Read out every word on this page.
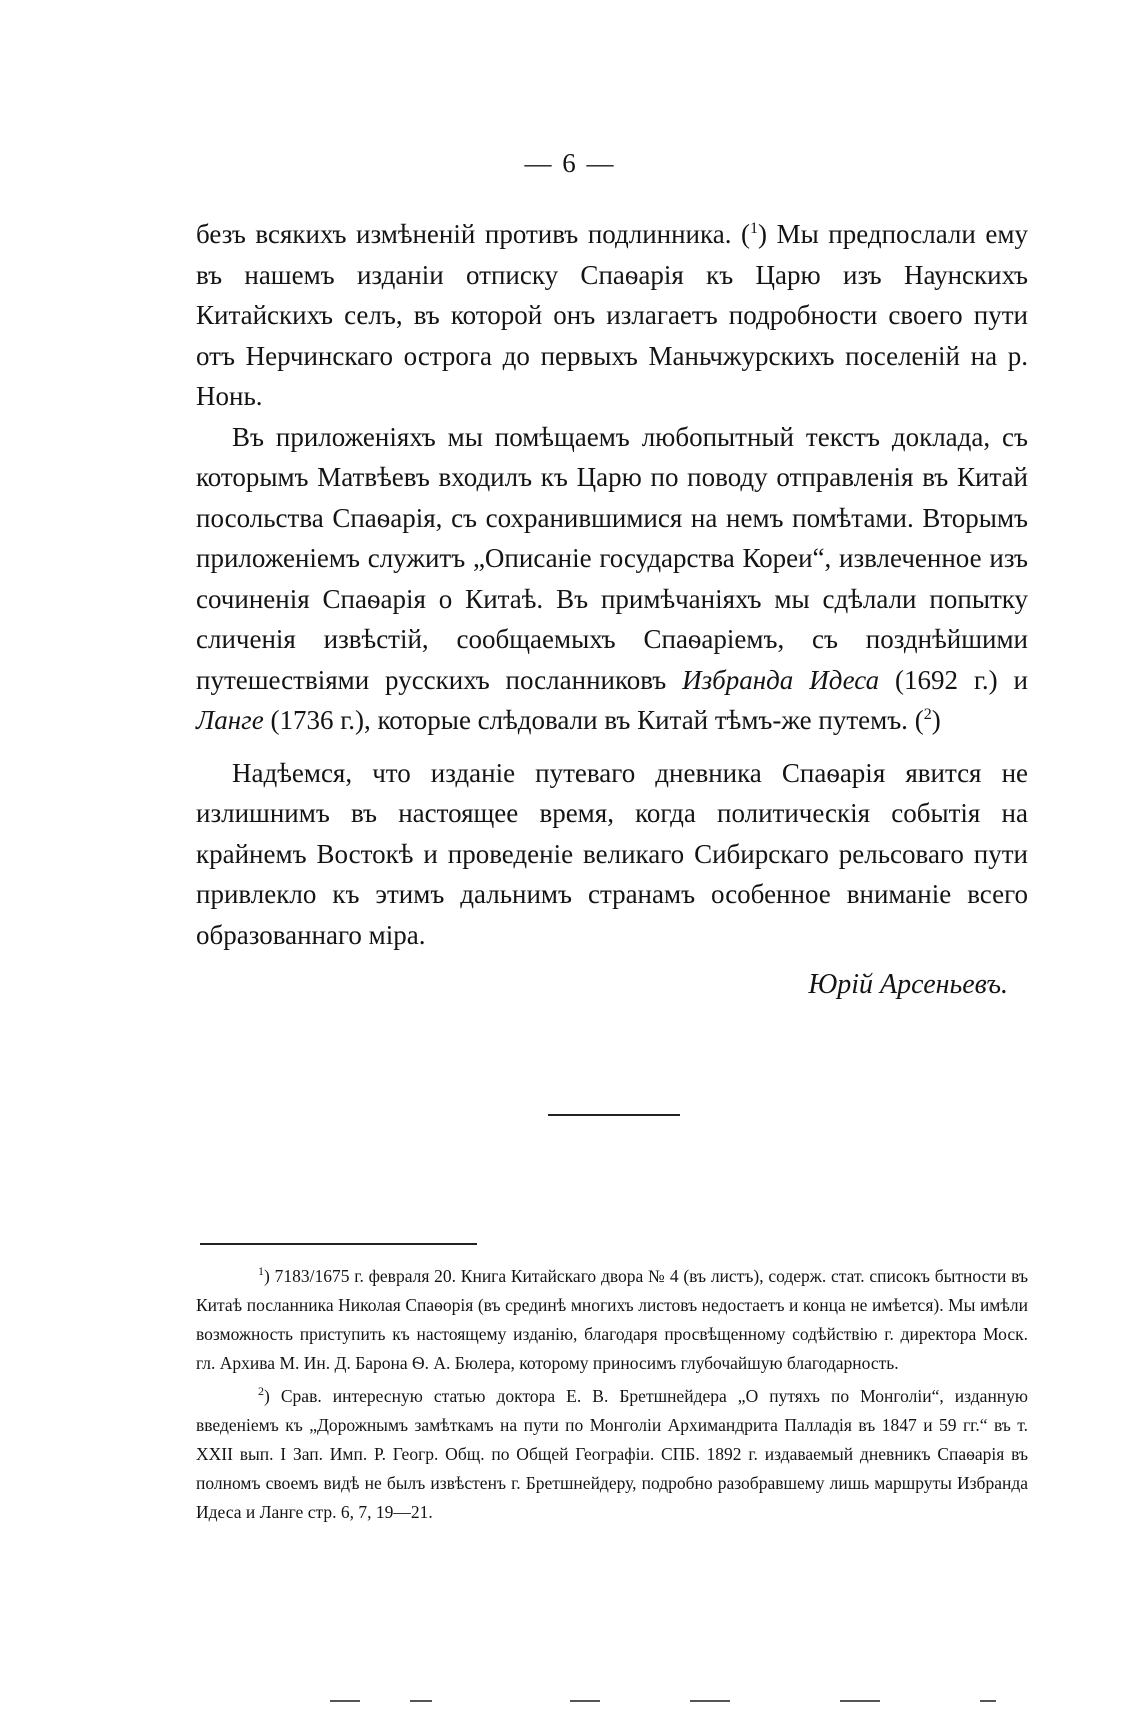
— 6 —

безъ всякихъ измѣненій противъ подлинника. ($^1$) Мы предпослали ему въ нашемъ изданіи отписку Спаѳарія къ Царю изъ Наунскихъ Китайскихъ селъ, въ которой онъ излагаетъ подробности своего пути отъ Нерчинскаго острога до первыхъ Маньчжурскихъ поселеній на р. Нонь.

Въ приложеніяхъ мы помѣщаемъ любопытный текстъ доклада, съ которымъ Матвѣевъ входилъ къ Царю по поводу отправленія въ Китай посольства Спаѳарія, съ сохранившимися на немъ помѣтами. Вторымъ приложеніемъ служитъ „Описаніе государства Кореи“, извлеченное изъ сочиненія Спаѳарія о Китаѣ. Въ примѣчаніяхъ мы сдѣлали попытку сличенія извѣстій, сообщаемыхъ Спаѳаріемъ, съ позднѣйшими путешествіями русскихъ посланниковъ Избранда Идеса (1692 г.) и Ланге (1736 г.), которые слѣдовали въ Китай тѣмъ-же путемъ. ($^2$)

Надѣемся, что изданіе путеваго дневника Спаѳарія явится не излишнимъ въ настоящее время, когда политическія событія на крайнемъ Востокѣ и проведеніе великаго Сибирскаго рельсоваго пути привлекло къ этимъ дальнимъ странамъ особенное вниманіе всего образованнаго міра.

Юрій Арсеньевъ.

$^1$) 7183/1675 г. февраля 20. Книга Китайскаго двора № 4 (въ листъ), содерж. стат. списокъ бытности въ Китаѣ посланника Николая Спаѳорія (въ срединѣ многихъ листовъ недостаетъ и конца не имѣется). Мы имѣли возможность приступить къ настоящему изданію, благодаря просвѣщенному содѣйствію г. директора Моск. гл. Архива М. Ин. Д. Барона Ѳ. А. Бюлера, которому приносимъ глубочайшую благодарность.

$^2$) Срав. интересную статью доктора Е. В. Бретшнейдера „О путяхъ по Монголіи“, изданную введеніемъ къ „Дорожнымъ замѣткамъ на пути по Монголіи Архимандрита Палладія въ 1847 и 59 гг.“ въ т. XXII вып. I Зап. Имп. Р. Геогр. Общ. по Общей Географіи. СПБ. 1892 г. издаваемый дневникъ Спаѳарія въ полномъ своемъ видѣ не былъ извѣстенъ г. Бретшнейдеру, подробно разобравшему лишь маршруты Избранда Идеса и Ланге стр. 6, 7, 19—21.
